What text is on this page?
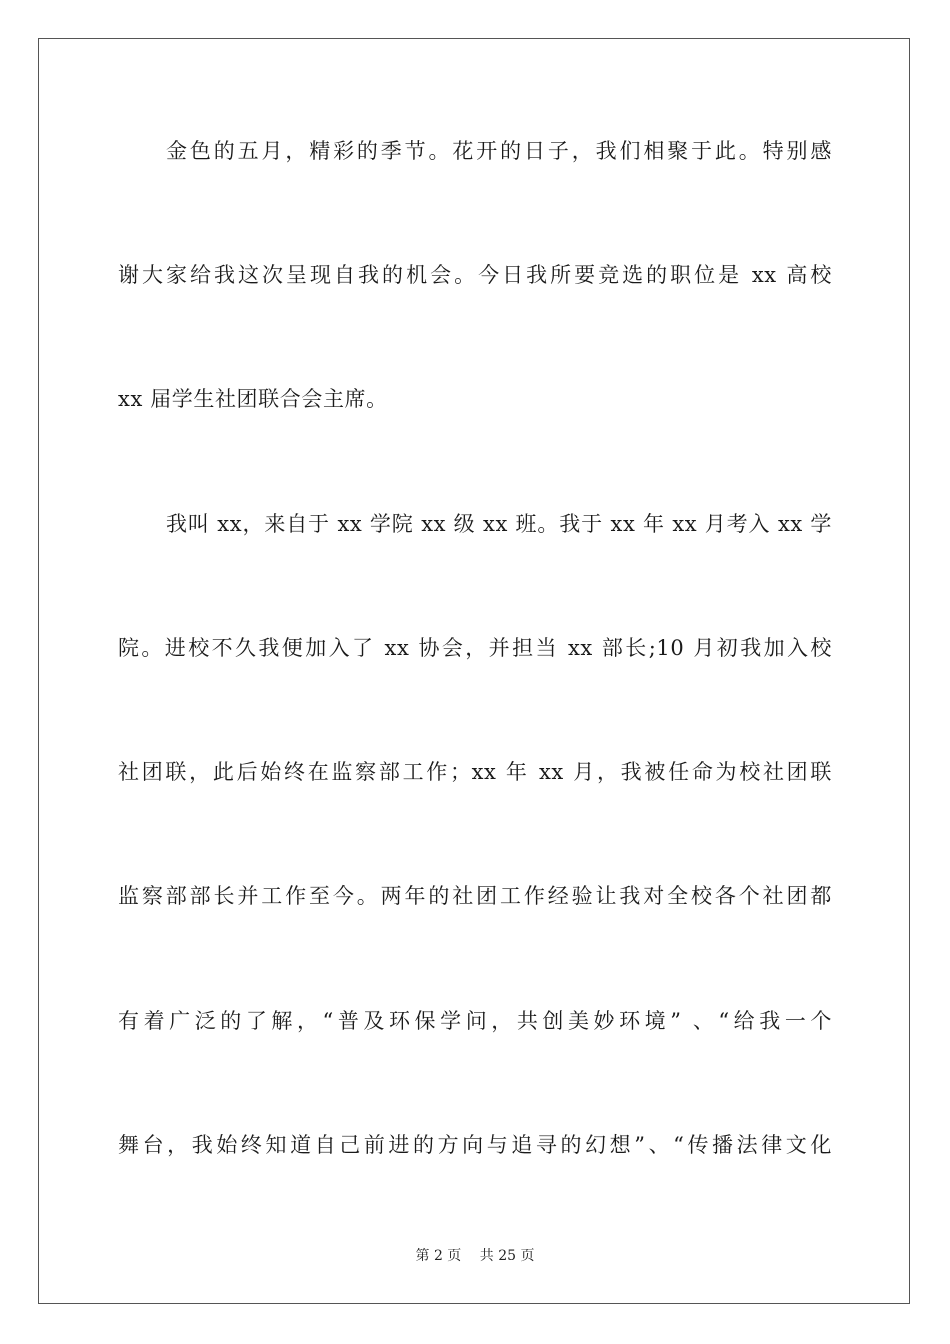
金色的五月，精彩的季节。花开的日子，我们相聚于此。特别感
谢大家给我这次呈现自我的机会。今日我所要竞选的职位是 xx 高校
xx 届学生社团联合会主席。
我叫 xx，来自于 xx 学院 xx 级 xx 班。我于 xx 年 xx 月考入 xx 学
院。进校不久我便加入了 xx 协会，并担当 xx 部长;10 月初我加入校
社团联，此后始终在监察部工作；xx 年 xx 月，我被任命为校社团联
监察部部长并工作至今。两年的社团工作经验让我对全校各个社团都
有着广泛的了解，“普及环保学问，共创美妙环境” 、“给我一个
舞台，我始终知道自己前进的方向与追寻的幻想”、“传播法律文化
第 2 页 共 25 页
